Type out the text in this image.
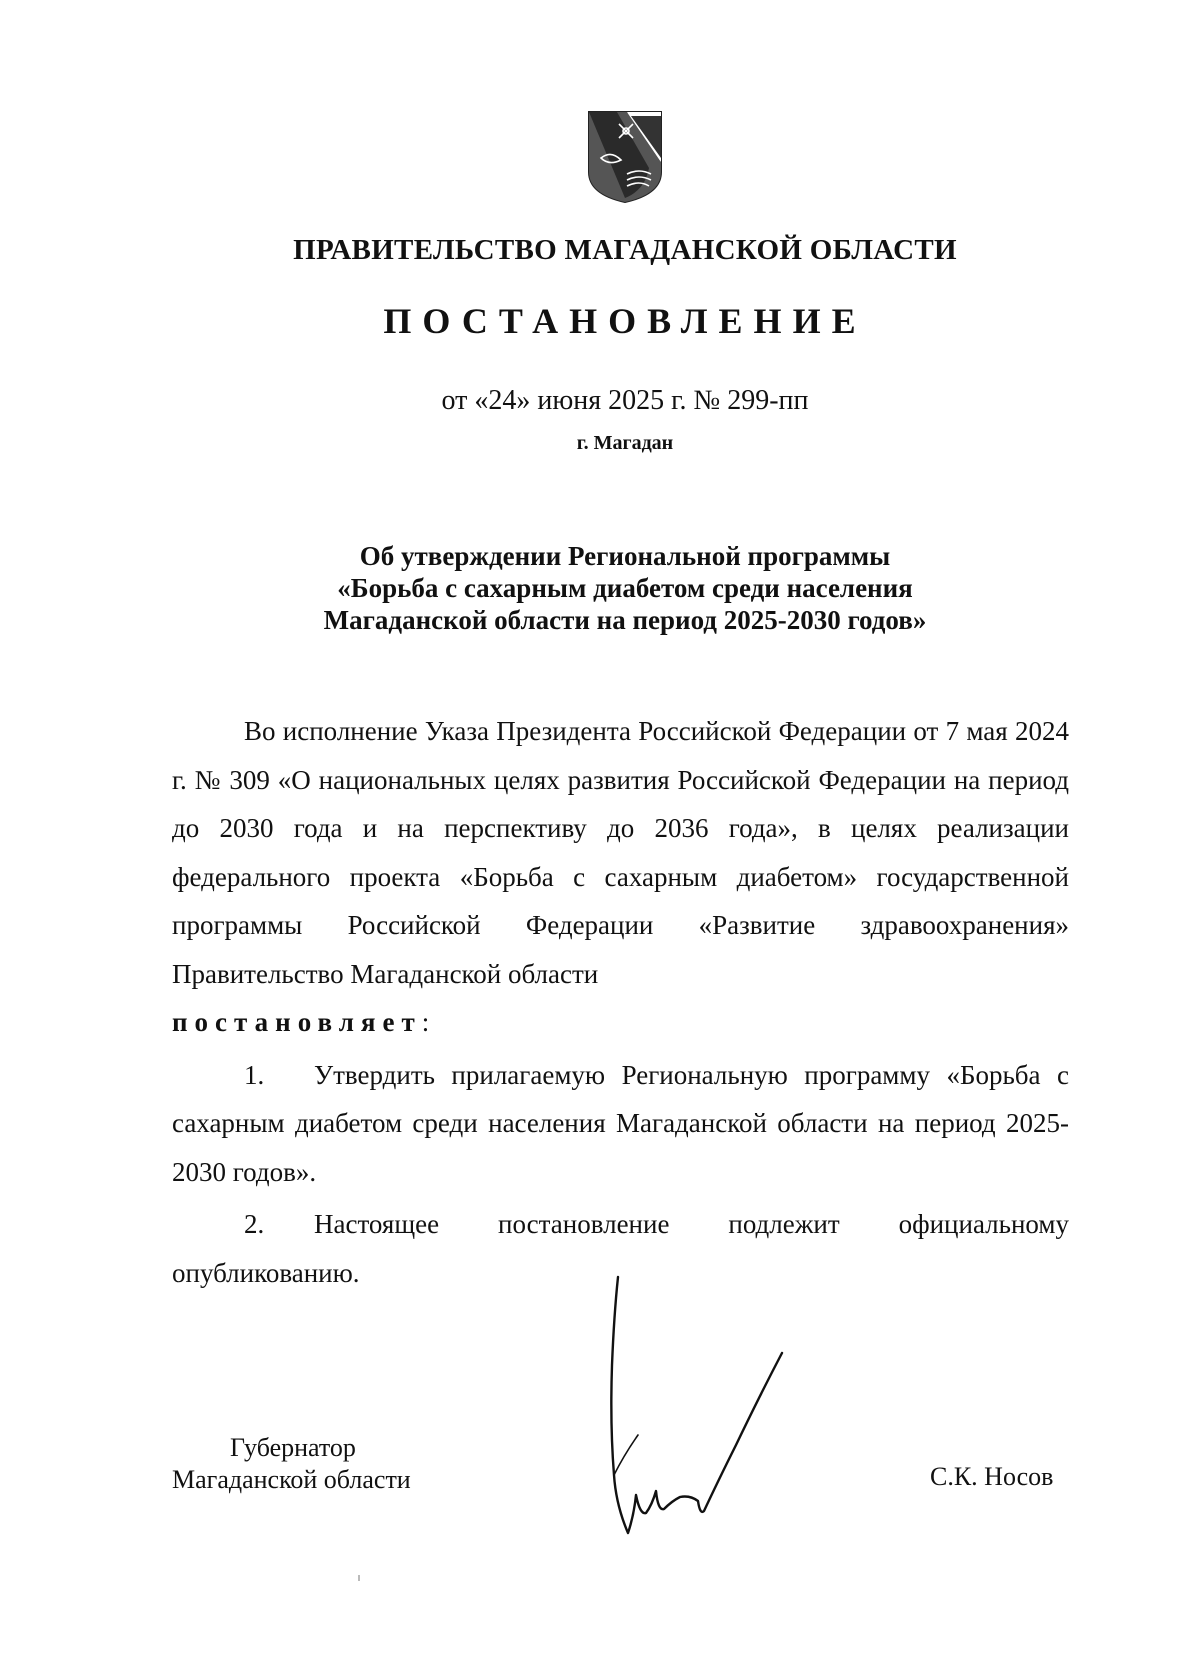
ПРАВИТЕЛЬСТВО МАГАДАНСКОЙ ОБЛАСТИ
ПОСТАНОВЛЕНИЕ
от «24» июня 2025 г. № 299-пп
г. Магадан
Об утверждении Региональной программы
«Борьба с сахарным диабетом среди населения
Магаданской области на период 2025-2030 годов»

Во исполнение Указа Президента Российской Федерации от 7 мая 2024 г. № 309 «О национальных целях развития Российской Федерации на период до 2030 года и на перспективу до 2036 года», в целях реализации федерального проекта «Борьба с сахарным диабетом» государственной программы Российской Федерации «Развитие здравоохранения» Правительство Магаданской области

постановляет:

1. Утвердить прилагаемую Региональную программу «Борьба с сахарным диабетом среди населения Магаданской области на период 2025-2030 годов».

2. Настоящее постановление подлежит официальному опубликованию.

Губернатор
Магаданской области	С.К. Носов
